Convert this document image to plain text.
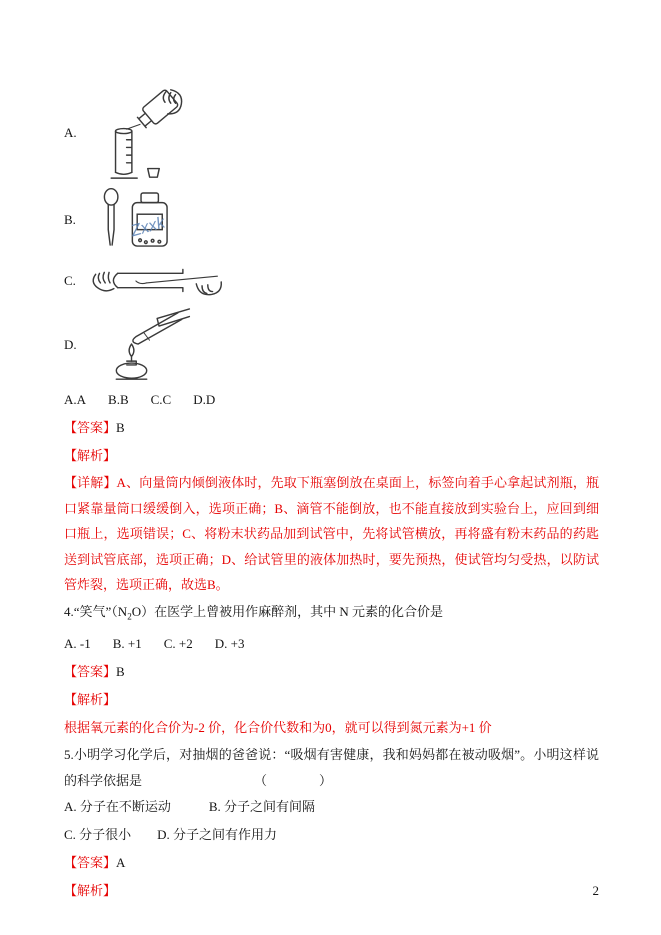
A.
B.	Zxxk
C.
D.

A.A B.B C.C D.D

【答案】B

【解析】

【详解】A、向量筒内倾倒液体时，先取下瓶塞倒放在桌面上，标签向着手心拿起试剂瓶，瓶口紧靠量筒口缓缓倒入，选项正确；B、滴管不能倒放，也不能直接放到实验台上，应回到细口瓶上，选项错误；C、将粉末状药品加到试管中，先将试管横放，再将盛有粉末药品的药匙送到试管底部，选项正确；D、给试管里的液体加热时，要先预热，使试管均匀受热，以防试管炸裂，选项正确，故选B。

4.“笑气$”(N_2O)$在医学上曾被用作麻醉剂，其中 N 元素的化合价是

A. -1 B. +1 C. +2 D. +3

【答案】B

【解析】

根据氧元素的化合价为-2 价，化合价代数和为0，就可以得到氮元素为+1 价

5.小明学习化学后，对抽烟的爸爸说：“吸烟有害健康，我和妈妈都在被动吸烟”。小明这样说的科学依据是	（　　　　）

A. 分子在不断运动	B. 分子之间有间隔

C. 分子很小 D. 分子之间有作用力

【答案】A

【解析】	2
